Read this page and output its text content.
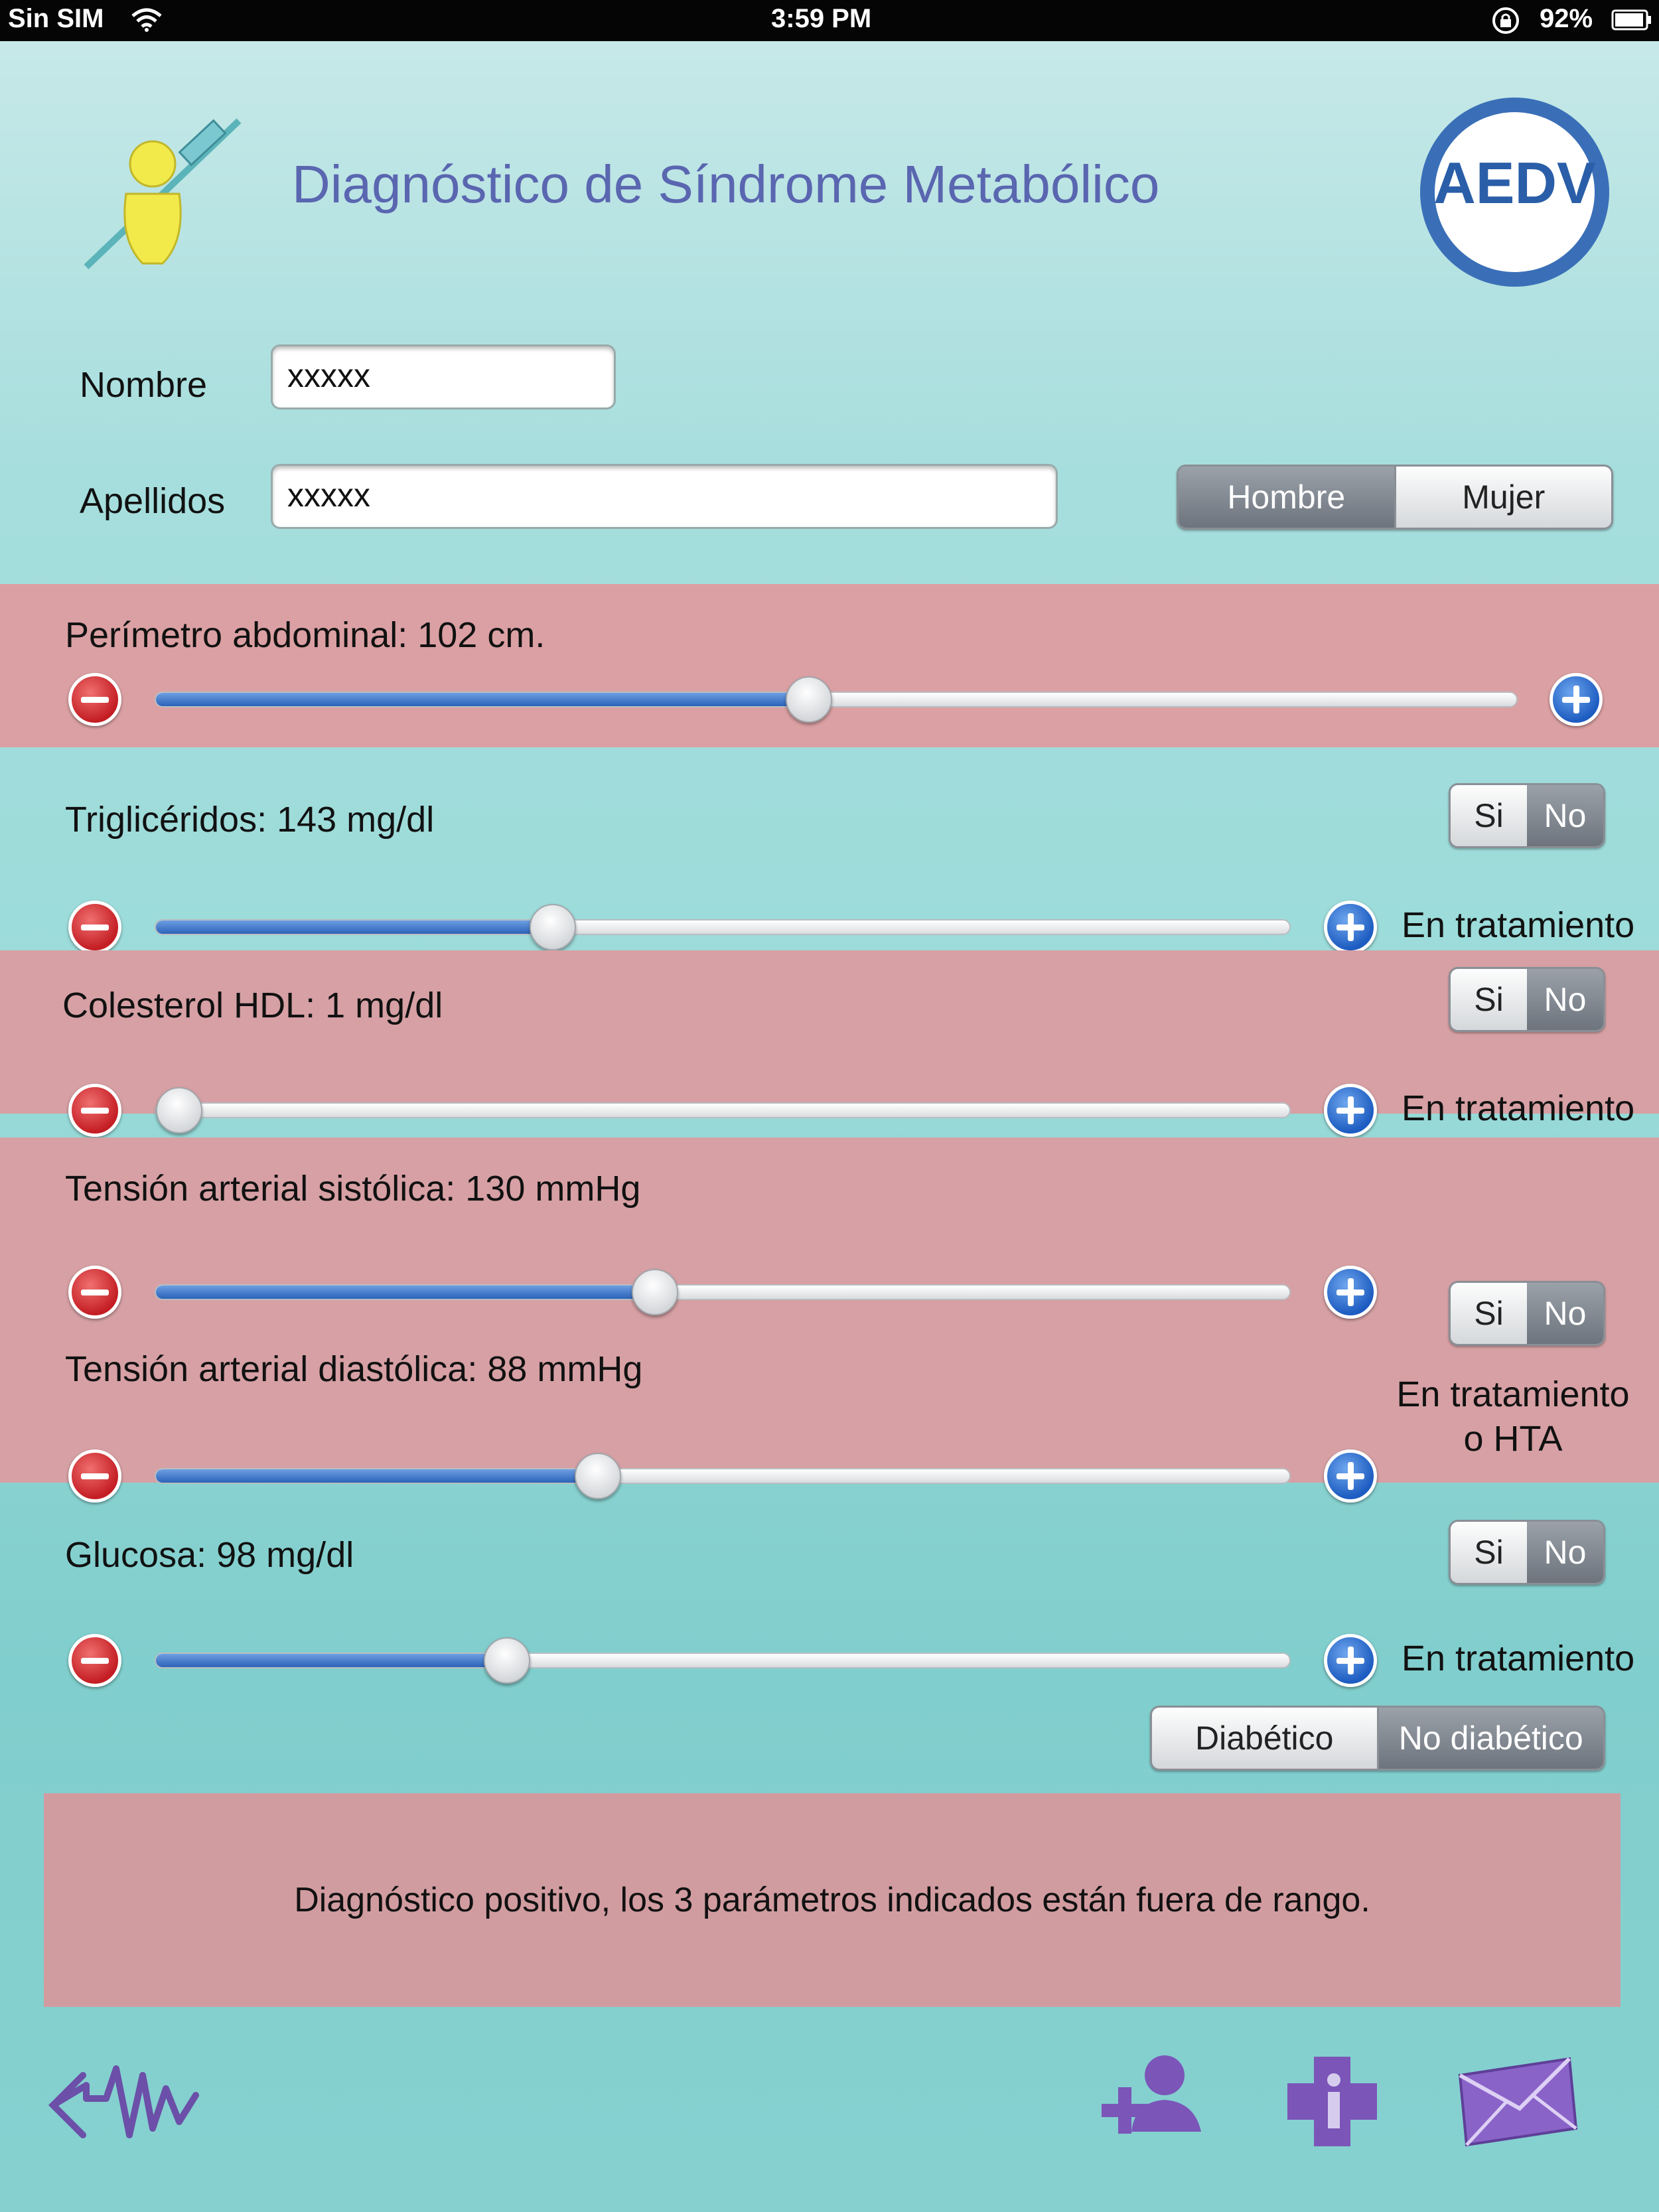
Sin SIM	3:59 PM	92%
Diagnóstico de Síndrome Metabólico	AEDV
Nombre	xxxxx
Apellidos	xxxxx	Hombre	Mujer
Perímetro abdominal: 102 cm.
Si	No
Triglicéridos: 143 mg/dl
En tratamiento
Si	No
Colesterol HDL: 1 mg/dl
En tratamiento
Tensión arterial sistólica: 130 mmHg
Si	No
Tensión arterial diastólica: 88 mmHg
En tratamiento
o HTA
Si	No
Glucosa: 98 mg/dl
En tratamiento
Diabético	No diabético
Diagnóstico positivo, los 3 parámetros indicados están fuera de rango.
